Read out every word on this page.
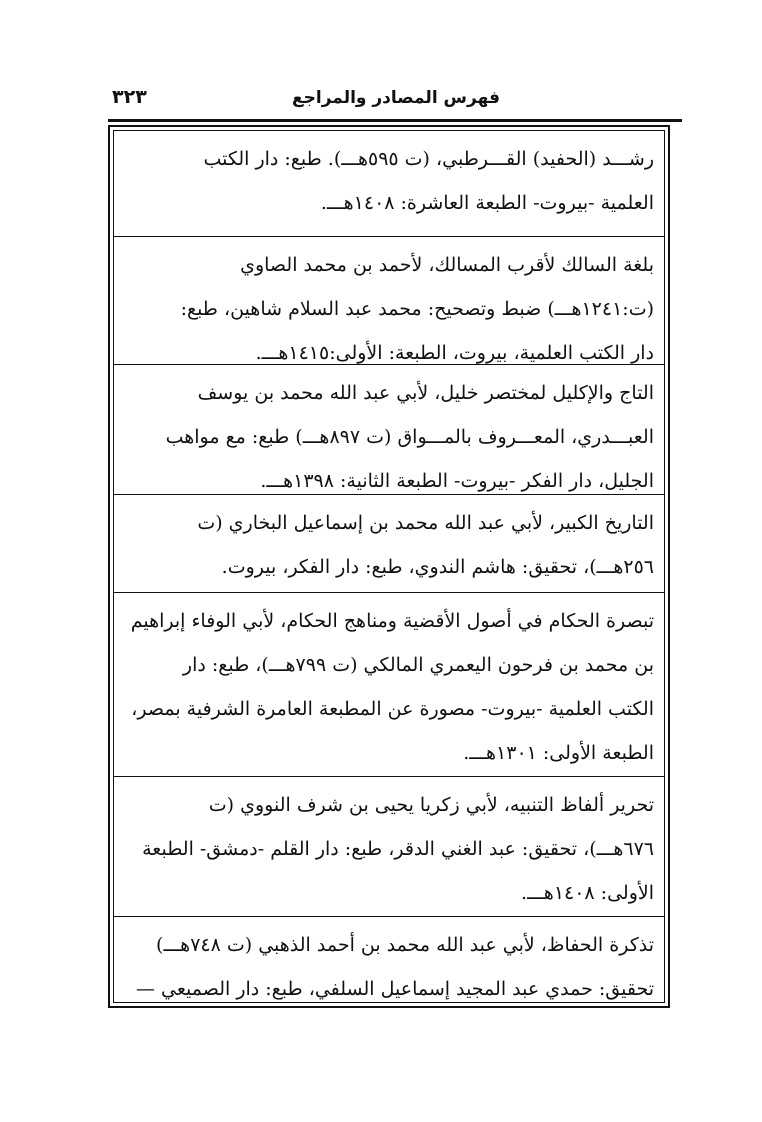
٣٢٣	فهرس المصادر والمراجع
رشـــد (الحفيد) القـــرطبي، (ت ٥٩٥هـــ). طبع: دار الكتب
العلمية -بيروت- الطبعة العاشرة: ١٤٠٨هـــ.
بلغة السالك لأقرب المسالك، لأحمد بن محمد الصاوي
(ت:١٢٤١هـــ) ضبط وتصحيح: محمد عبد السلام شاهين، طبع:
دار الكتب العلمية، بيروت، الطبعة: الأولى:١٤١٥هـــ.
التاج والإكليل لمختصر خليل، لأبي عبد الله محمد بن يوسف
العبـــدري، المعـــروف بالمـــواق (ت ٨٩٧هـــ) طبع: مع مواهب
الجليل، دار الفكر -بيروت- الطبعة الثانية: ١٣٩٨هـــ.
التاريخ الكبير، لأبي عبد الله محمد بن إسماعيل البخاري (ت
٢٥٦هـــ)، تحقيق: هاشم الندوي، طبع: دار الفكر، بيروت.
تبصرة الحكام في أصول الأقضية ومناهج الحكام، لأبي الوفاء إبراهيم
بن محمد بن فرحون اليعمري المالكي (ت ٧٩٩هـــ)، طبع: دار
الكتب العلمية -بيروت- مصورة عن المطبعة العامرة الشرفية بمصر،
الطبعة الأولى: ١٣٠١هـــ.
تحرير ألفاظ التنبيه، لأبي زكريا يحيى بن شرف النووي (ت
٦٧٦هـــ)، تحقيق: عبد الغني الدقر، طبع: دار القلم -دمشق- الطبعة
الأولى: ١٤٠٨هـــ.
تذكرة الحفاظ، لأبي عبد الله محمد بن أحمد الذهبي (ت ٧٤٨هـــ)
تحقيق: حمدي عبد المجيد إسماعيل السلفي، طبع: دار الصميعي —
